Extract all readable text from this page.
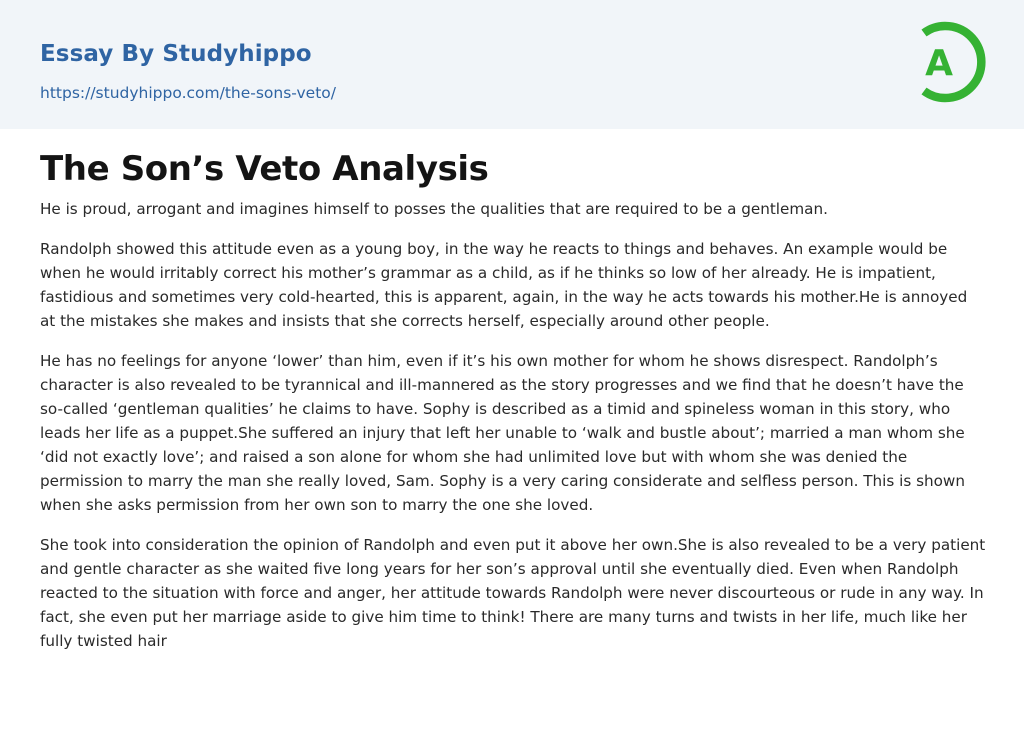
Essay By Studyhippo
https://studyhippo.com/the-sons-veto/
A
The Son’s Veto Analysis

He is proud, arrogant and imagines himself to posses the qualities that are required to be a gentleman.

Randolph showed this attitude even as a young boy, in the way he reacts to things and behaves. An example would be when he would irritably correct his mother’s grammar as a child, as if he thinks so low of her already. He is impatient, fastidious and sometimes very cold-hearted, this is apparent, again, in the way he acts towards his mother.He is annoyed at the mistakes she makes and insists that she corrects herself, especially around other people.

He has no feelings for anyone ‘lower’ than him, even if it’s his own mother for whom he shows disrespect. Randolph’s character is also revealed to be tyrannical and ill-mannered as the story progresses and we find that he doesn’t have the so-called ‘gentleman qualities’ he claims to have. Sophy is described as a timid and spineless woman in this story, who leads her life as a puppet.She suffered an injury that left her unable to ‘walk and bustle about’; married a man whom she ‘did not exactly love’; and raised a son alone for whom she had unlimited love but with whom she was denied the permission to marry the man she really loved, Sam. Sophy is a very caring considerate and selfless person. This is shown when she asks permission from her own son to marry the one she loved.

She took into consideration the opinion of Randolph and even put it above her own.She is also revealed to be a very patient and gentle character as she waited five long years for her son’s approval until she eventually died. Even when Randolph reacted to the situation with force and anger, her attitude towards Randolph were never discourteous or rude in any way. In fact, she even put her marriage aside to give him time to think! There are many turns and twists in her life, much like her fully twisted hair
